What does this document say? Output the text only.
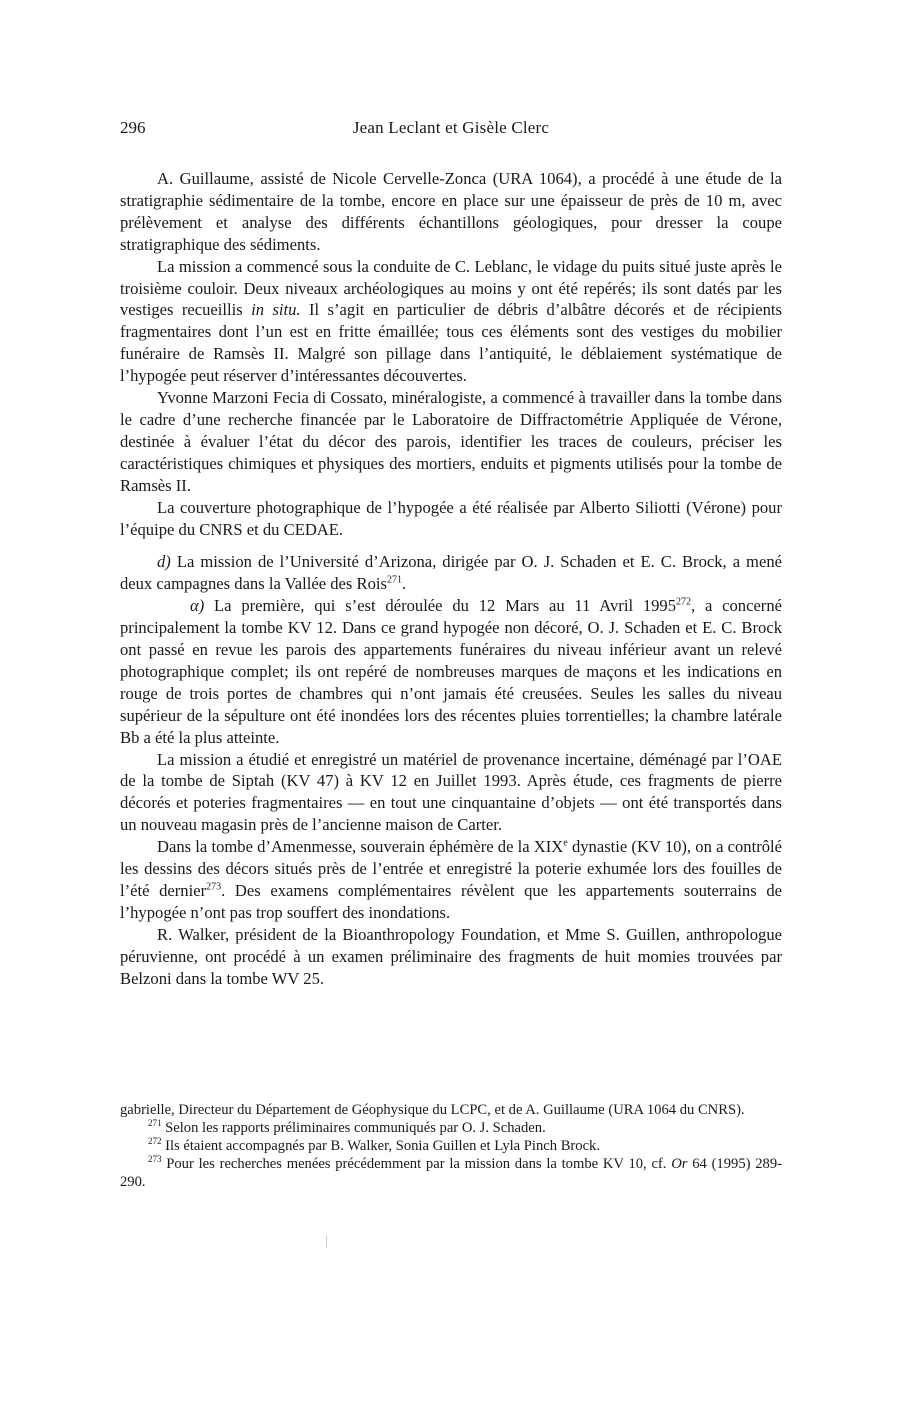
296	Jean Leclant et Gisèle Clerc

A. Guillaume, assisté de Nicole Cervelle-Zonca (URA 1064), a procédé à une étude de la stratigraphie sédimentaire de la tombe, encore en place sur une épaisseur de près de 10 m, avec prélèvement et analyse des différents échantillons géologiques, pour dresser la coupe stratigraphique des sédiments.

La mission a commencé sous la conduite de C. Leblanc, le vidage du puits situé juste après le troisième couloir. Deux niveaux archéologiques au moins y ont été repérés; ils sont datés par les vestiges recueillis in situ. Il s’agit en particulier de débris d’albâtre décorés et de récipients fragmentaires dont l’un est en fritte émaillée; tous ces éléments sont des vestiges du mobilier funéraire de Ramsès II. Malgré son pillage dans l’antiquité, le déblaiement systématique de l’hypogée peut réserver d’intéressantes découvertes.

Yvonne Marzoni Fecia di Cossato, minéralogiste, a commencé à travailler dans la tombe dans le cadre d’une recherche financée par le Laboratoire de Diffractométrie Appliquée de Vérone, destinée à évaluer l’état du décor des parois, identifier les traces de couleurs, préciser les caractéristiques chimiques et physiques des mortiers, enduits et pigments utilisés pour la tombe de Ramsès II.

La couverture photographique de l’hypogée a été réalisée par Alberto Siliotti (Vérone) pour l’équipe du CNRS et du CEDAE.

d) La mission de l’Université d’Arizona, dirigée par O. J. Schaden et E. C. Brock, a mené deux campagnes dans la Vallée des Rois$^{271}$.

α) La première, qui s’est déroulée du 12 Mars au 11 Avril 1995$^{272}$, a concerné principalement la tombe KV 12. Dans ce grand hypogée non décoré, O. J. Schaden et E. C. Brock ont passé en revue les parois des appartements funéraires du niveau inférieur avant un relevé photographique complet; ils ont repéré de nombreuses marques de maçons et les indications en rouge de trois portes de chambres qui n’ont jamais été creusées. Seules les salles du niveau supérieur de la sépulture ont été inondées lors des récentes pluies torrentielles; la chambre latérale Bb a été la plus atteinte.

La mission a étudié et enregistré un matériel de provenance incertaine, déménagé par l’OAE de la tombe de Siptah (KV 47) à KV 12 en Juillet 1993. Après étude, ces fragments de pierre décorés et poteries fragmentaires — en tout une cinquantaine d’objets — ont été transportés dans un nouveau magasin près de l’ancienne maison de Carter.

Dans la tombe d’Amenmesse, souverain éphémère de la XIXe dynastie (KV 10), on a contrôlé les dessins des décors situés près de l’entrée et enregistré la poterie exhumée lors des fouilles de l’été dernier$^{273}$. Des examens complémentaires révèlent que les appartements souterrains de l’hypogée n’ont pas trop souffert des inondations.

R. Walker, président de la Bioanthropology Foundation, et Mme S. Guillen, anthropologue péruvienne, ont procédé à un examen préliminaire des fragments de huit momies trouvées par Belzoni dans la tombe WV 25.

gabrielle, Directeur du Département de Géophysique du LCPC, et de A. Guillaume (URA 1064 du CNRS).

$^{271}$ Selon les rapports préliminaires communiqués par O. J. Schaden.

$^{272}$ Ils étaient accompagnés par B. Walker, Sonia Guillen et Lyla Pinch Brock.

$^{273}$ Pour les recherches menées précédemment par la mission dans la tombe KV 10, cf. Or 64 (1995) 289-290.
